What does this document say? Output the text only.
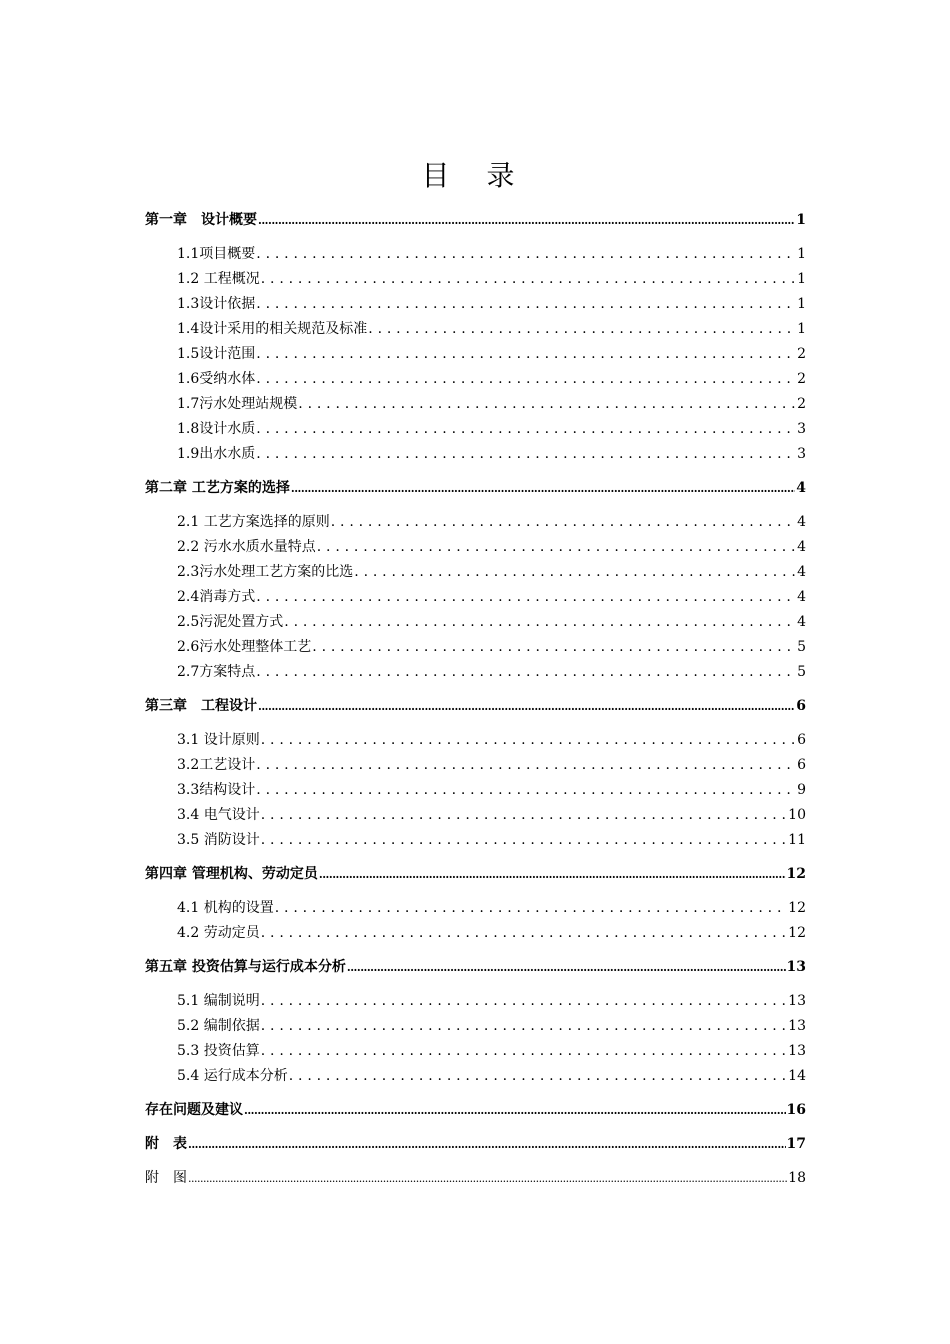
目 录
第一章　设计概要 .....	1
1.1项目概要 . . .	1
1.2 工程概况 . . .	1
1.3设计依据 . . .	1
1.4设计采用的相关规范及标准 . . .	1
1.5设计范围 . . .	2
1.6受纳水体 . . .	2
1.7污水处理站规模 . . .	2
1.8设计水质 . . .	3
1.9出水水质 . . .	3
第二章 工艺方案的选择 .....	4
2.1 工艺方案选择的原则 . . .	4
2.2 污水水质水量特点 . . .	4
2.3污水处理工艺方案的比选 . . .	4
2.4消毒方式 . . .	4
2.5污泥处置方式 . . .	4
2.6污水处理整体工艺 . . .	5
2.7方案特点 . . .	5
第三章　工程设计 .....	6
3.1 设计原则 . . .	6
3.2工艺设计 . . .	6
3.3结构设计 . . .	9
3.4 电气设计 . . .	10
3.5 消防设计 . . .	11
第四章 管理机构、劳动定员 .....	12
4.1 机构的设置 . . .	12
4.2 劳动定员 . . .	12
第五章 投资估算与运行成本分析 .....	13
5.1 编制说明 . . .	13
5.2 编制依据 . . .	13
5.3 投资估算 . . .	13
5.4 运行成本分析 . . .	14
存在问题及建议 .....	16
附　表 .....	17
附　图 .....	18
